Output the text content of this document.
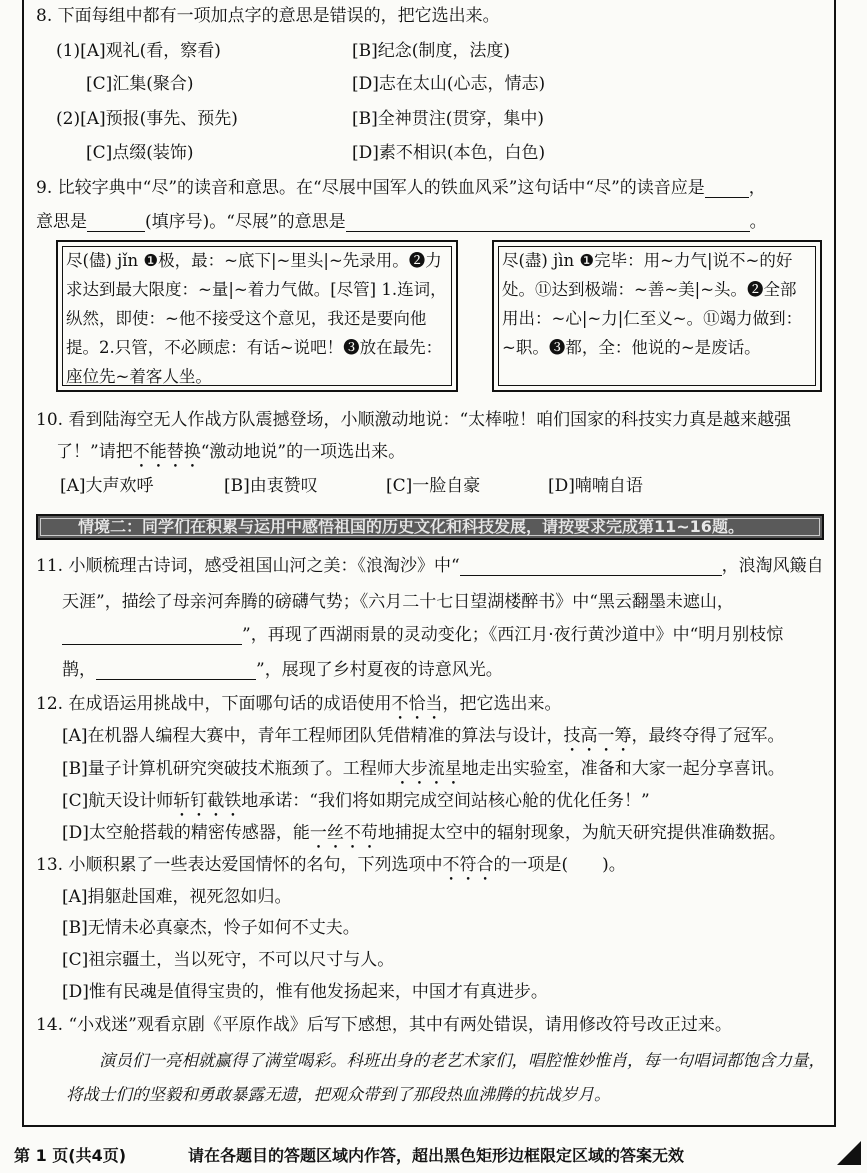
8. 下面每组中都有一项加点字的意思是错误的，把它选出来。
(1)[A]观礼(看，察看)	[B]纪念(制度，法度)
[C]汇集(聚合)	[D]志在太山(心志，情志)
(2)[A]预报(事先、预先)	[B]全神贯注(贯穿，集中)
[C]点缀(装饰)	[D]素不相识(本色，白色)
9. 比较字典中“尽”的读音和意思。在“尽展中国军人的铁血风采”这句话中“尽”的读音应是	，
意思是	(填序号)。“尽展”的意思是	。
尽(儘) jǐn ❶极，最：~底下|~里头|~先录用。❷力求达到最大限度：~量|~着力气做。[尽管] 1.连词，纵然，即使：~他不接受这个意见，我还是要向他提。2.只管，不必顾虑：有话~说吧！❸放在最先：座位先~着客人坐。
尽(盡) jìn ❶完毕：用~力气|说不~的好处。⑪达到极端：~善~美|~头。❷全部用出：~心|~力|仁至义~。⑪竭力做到：~职。❸都，全：他说的~是废话。
10. 看到陆海空无人作战方队震撼登场，小顺激动地说：“太棒啦！咱们国家的科技实力真是越来越强
了！”请把不能替换“激动地说”的一项选出来。
[A]大声欢呼	[B]由衷赞叹	[C]一脸自豪	[D]喃喃自语
情境二：同学们在积累与运用中感悟祖国的历史文化和科技发展，请按要求完成第11~16题。
11. 小顺梳理古诗词，感受祖国山河之美：《浪淘沙》中“	，浪淘风簸自
天涯”，描绘了母亲河奔腾的磅礴气势；《六月二十七日望湖楼醉书》中“黑云翻墨未遮山，
”，再现了西湖雨景的灵动变化；《西江月·夜行黄沙道中》中“明月别枝惊
鹊，	”，展现了乡村夏夜的诗意风光。
12. 在成语运用挑战中，下面哪句话的成语使用不恰当，把它选出来。
[A]在机器人编程大赛中，青年工程师团队凭借精准的算法与设计，技高一筹，最终夺得了冠军。
[B]量子计算机研究突破技术瓶颈了。工程师大步流星地走出实验室，准备和大家一起分享喜讯。
[C]航天设计师斩钉截铁地承诺：“我们将如期完成空间站核心舱的优化任务！”
[D]太空舱搭载的精密传感器，能一丝不苟地捕捉太空中的辐射现象，为航天研究提供准确数据。
13. 小顺积累了一些表达爱国情怀的名句，下列选项中不符合的一项是(　　)。
[A]捐躯赴国难，视死忽如归。
[B]无情未必真豪杰，怜子如何不丈夫。
[C]祖宗疆土，当以死守，不可以尺寸与人。
[D]惟有民魂是值得宝贵的，惟有他发扬起来，中国才有真进步。
14. “小戏迷”观看京剧《平原作战》后写下感想，其中有两处错误，请用修改符号改正过来。
演员们一亮相就赢得了满堂喝彩。科班出身的老艺术家们，唱腔惟妙惟肖，每一句唱词都饱含力量，将战士们的坚毅和勇敢暴露无遗，把观众带到了那段热血沸腾的抗战岁月。
第 1 页(共4页)	请在各题目的答题区域内作答，超出黑色矩形边框限定区域的答案无效
